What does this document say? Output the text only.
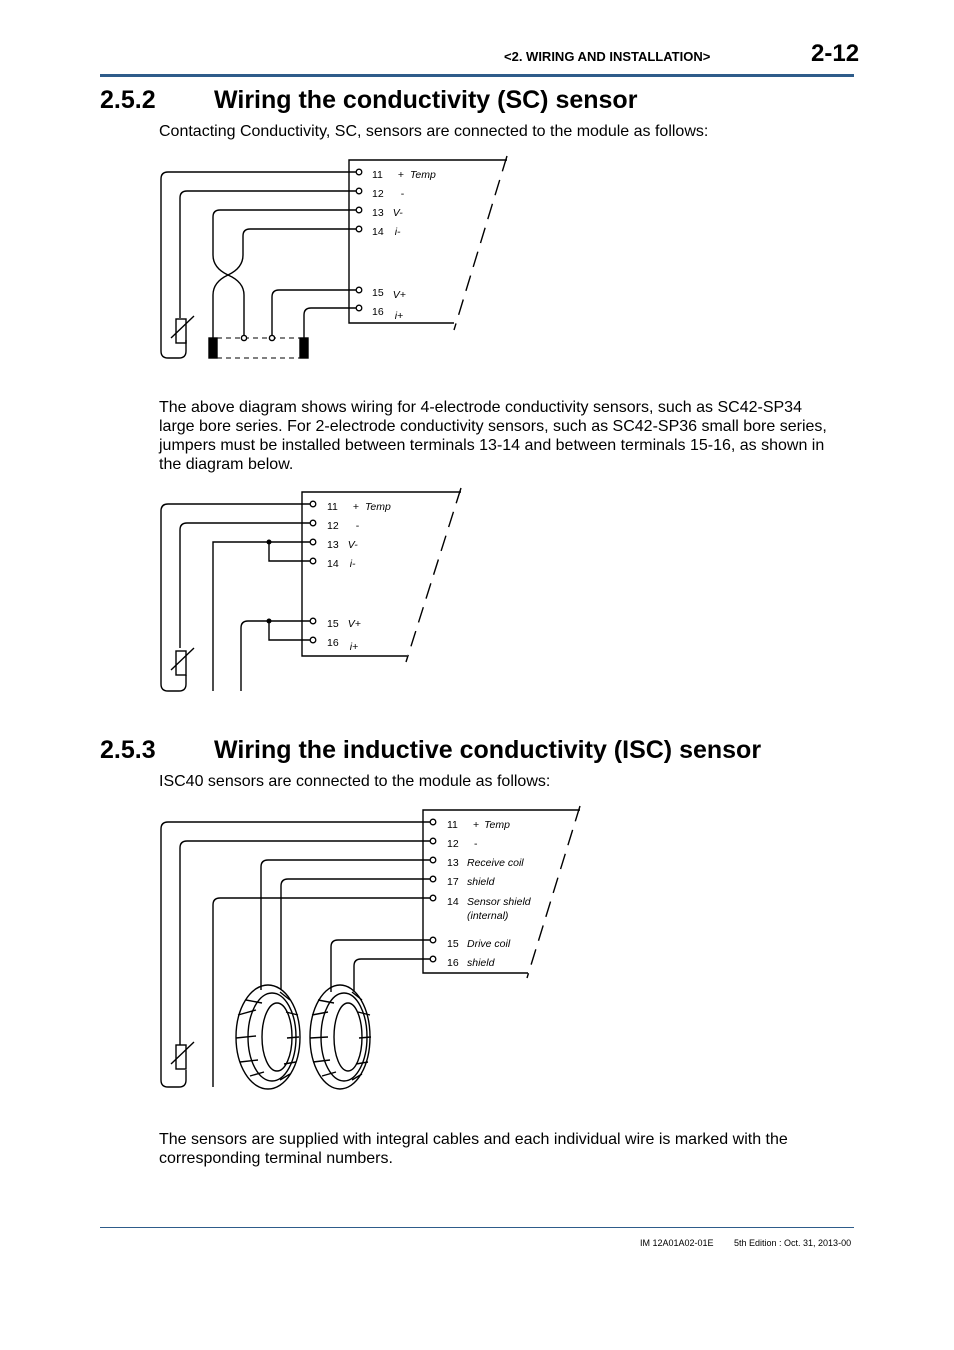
<2. WIRING AND INSTALLATION>	2-12
2.5.2 Wiring the conductivity (SC) sensor
Contacting Conductivity, SC, sensors are connected to the module as follows:
11 + Temp
12 -
13 V-
14 i-
15 V+
16 i+
The above diagram shows wiring for 4-electrode conductivity sensors, such as SC42-SP34
large bore series. For 2-electrode conductivity sensors, such as SC42-SP36 small bore series,
jumpers must be installed between terminals 13-14 and between terminals 15-16, as shown in
the diagram below.
11 + Temp
12 -
13 V-
14 i-
15 V+
16 i+
2.5.3 Wiring the inductive conductivity (ISC) sensor
ISC40 sensors are connected to the module as follows:
11 + Temp
12 -
13 Receive coil
17 shield
14 Sensor shield
(internal)
15 Drive coil
16 shield
The sensors are supplied with integral cables and each individual wire is marked with the
corresponding terminal numbers.
IM 12A01A02-01E 5th Edition : Oct. 31, 2013-00
